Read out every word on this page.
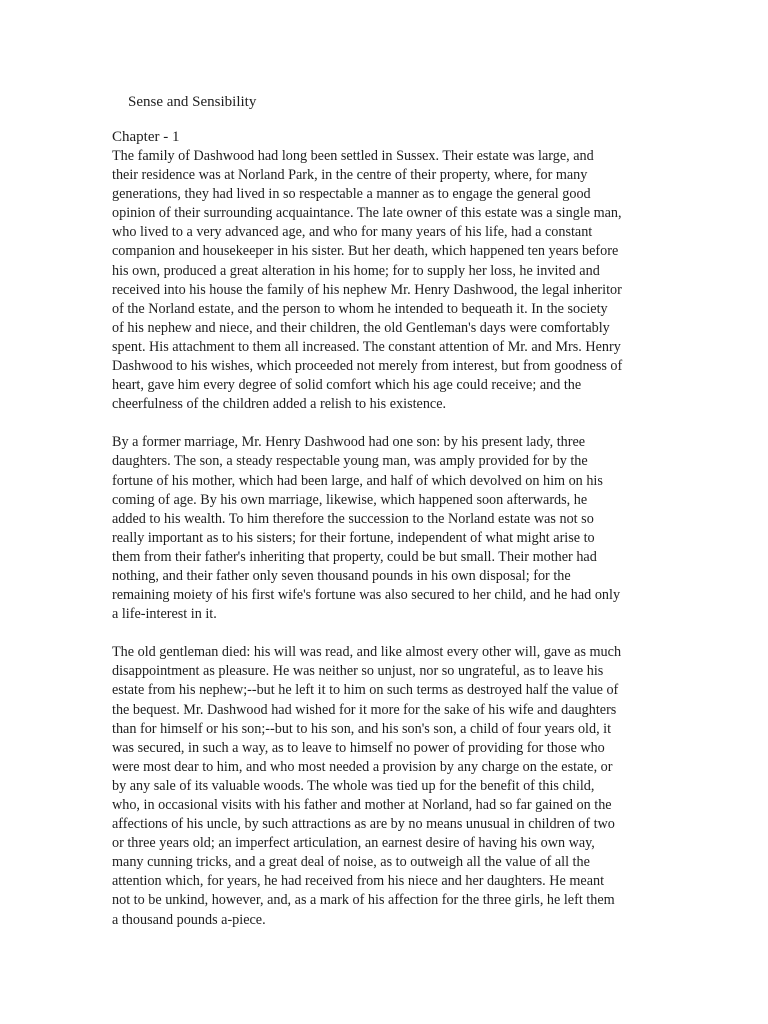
Sense and Sensibility
Chapter - 1

The family of Dashwood had long been settled in Sussex. Their estate was large, and
their residence was at Norland Park, in the centre of their property, where, for many
generations, they had lived in so respectable a manner as to engage the general good
opinion of their surrounding acquaintance. The late owner of this estate was a single man,
who lived to a very advanced age, and who for many years of his life, had a constant
companion and housekeeper in his sister. But her death, which happened ten years before
his own, produced a great alteration in his home; for to supply her loss, he invited and
received into his house the family of his nephew Mr. Henry Dashwood, the legal inheritor
of the Norland estate, and the person to whom he intended to bequeath it. In the society
of his nephew and niece, and their children, the old Gentleman's days were comfortably
spent. His attachment to them all increased. The constant attention of Mr. and Mrs. Henry
Dashwood to his wishes, which proceeded not merely from interest, but from goodness of
heart, gave him every degree of solid comfort which his age could receive; and the
cheerfulness of the children added a relish to his existence.

By a former marriage, Mr. Henry Dashwood had one son: by his present lady, three
daughters. The son, a steady respectable young man, was amply provided for by the
fortune of his mother, which had been large, and half of which devolved on him on his
coming of age. By his own marriage, likewise, which happened soon afterwards, he
added to his wealth. To him therefore the succession to the Norland estate was not so
really important as to his sisters; for their fortune, independent of what might arise to
them from their father's inheriting that property, could be but small. Their mother had
nothing, and their father only seven thousand pounds in his own disposal; for the
remaining moiety of his first wife's fortune was also secured to her child, and he had only
a life-interest in it.

The old gentleman died: his will was read, and like almost every other will, gave as much
disappointment as pleasure. He was neither so unjust, nor so ungrateful, as to leave his
estate from his nephew;--but he left it to him on such terms as destroyed half the value of
the bequest. Mr. Dashwood had wished for it more for the sake of his wife and daughters
than for himself or his son;--but to his son, and his son's son, a child of four years old, it
was secured, in such a way, as to leave to himself no power of providing for those who
were most dear to him, and who most needed a provision by any charge on the estate, or
by any sale of its valuable woods. The whole was tied up for the benefit of this child,
who, in occasional visits with his father and mother at Norland, had so far gained on the
affections of his uncle, by such attractions as are by no means unusual in children of two
or three years old; an imperfect articulation, an earnest desire of having his own way,
many cunning tricks, and a great deal of noise, as to outweigh all the value of all the
attention which, for years, he had received from his niece and her daughters. He meant
not to be unkind, however, and, as a mark of his affection for the three girls, he left them
a thousand pounds a-piece.
